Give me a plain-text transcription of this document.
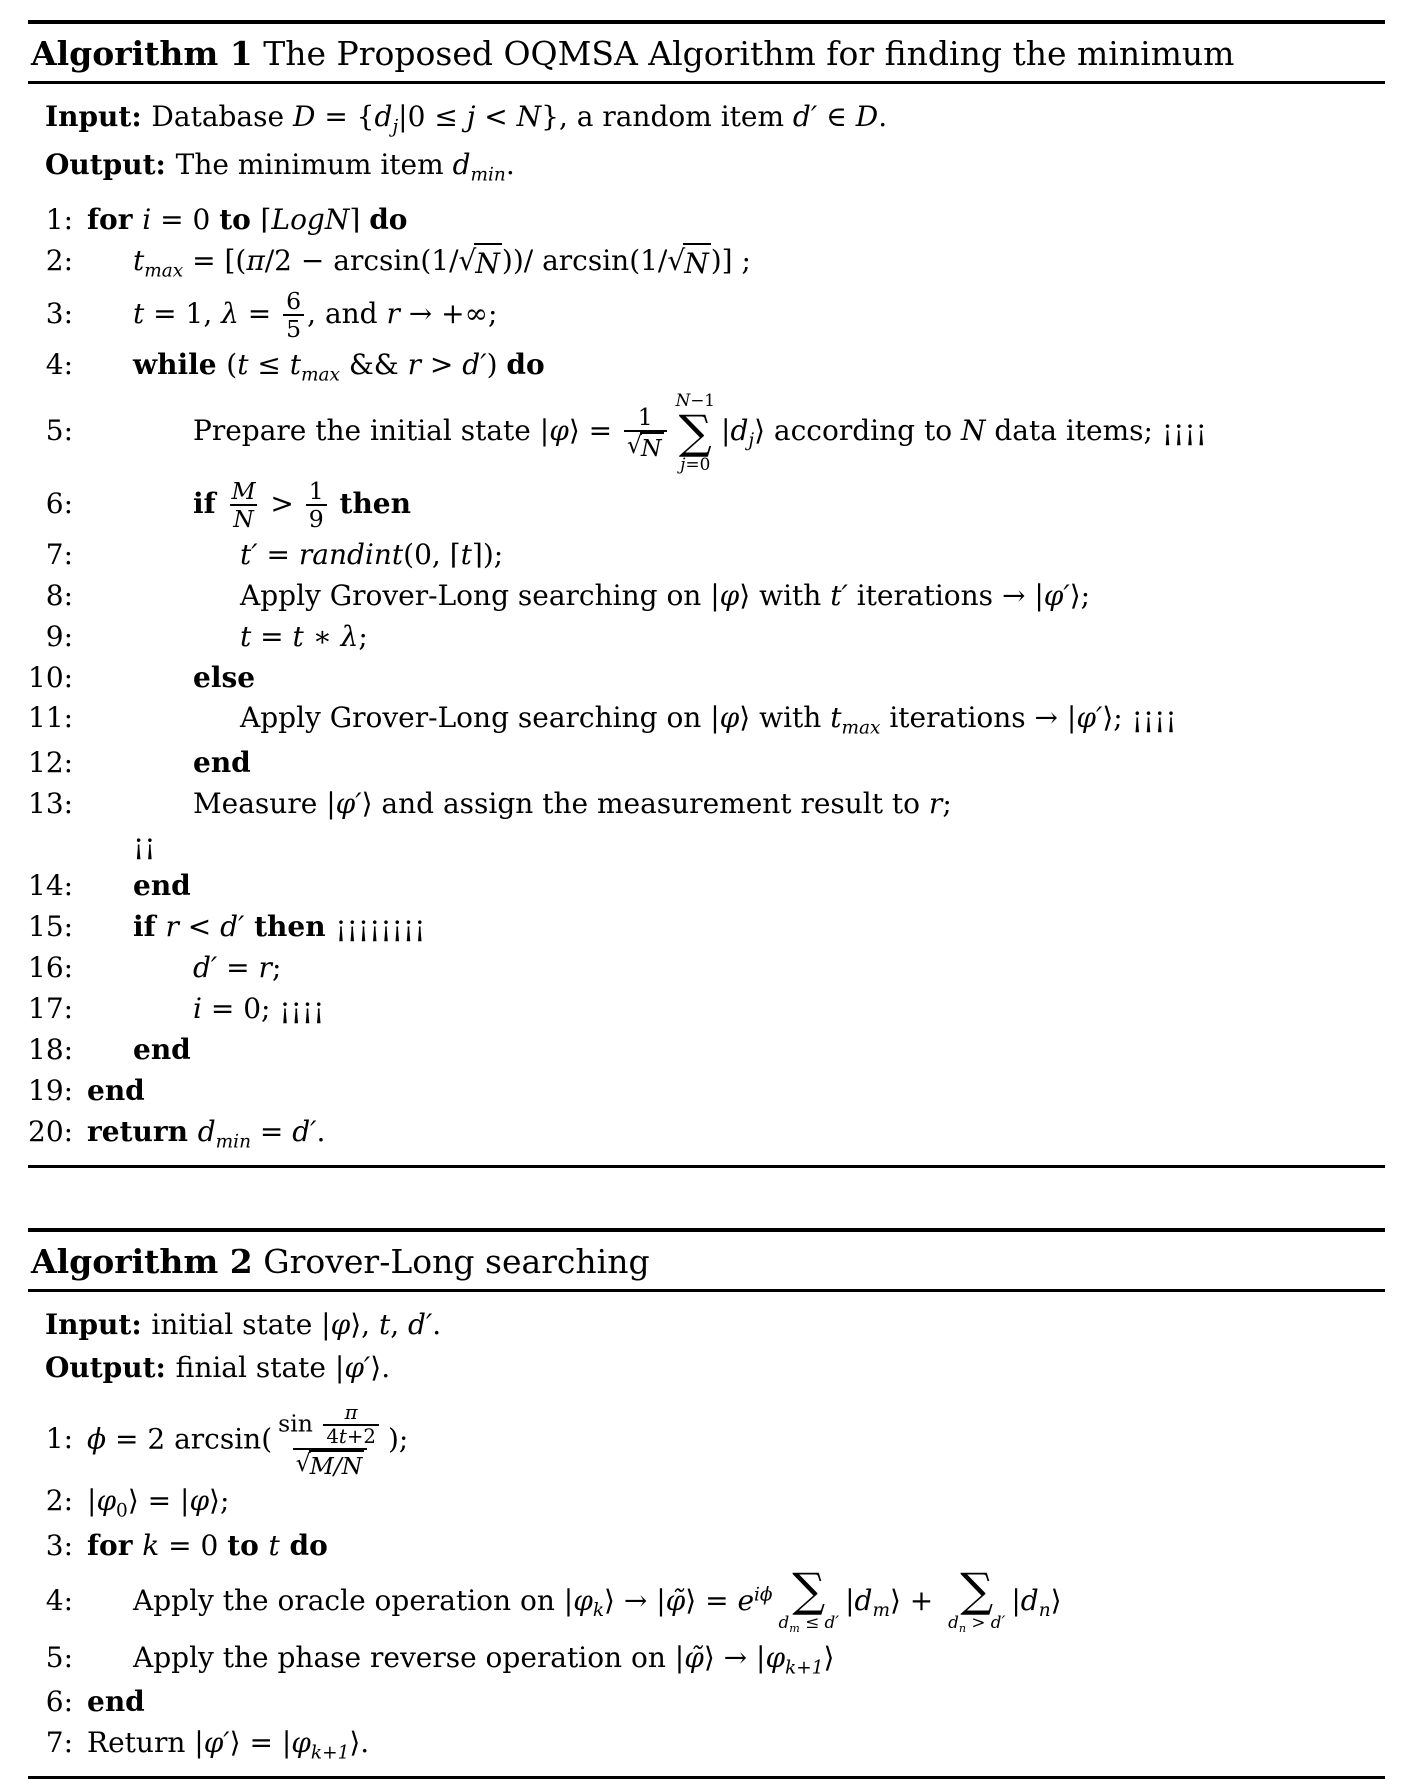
Algorithm 1 The Proposed OQMSA Algorithm for finding the minimum
Input: Database $D = \{d_j|0 \le j < N\}$, a random item d′ ∈ D.
Output: The minimum item $d_{min}$.
1: for i = 0 to ⌈LogN⌉ do
2:	$t_{max} = [(\pi/2 - \arcsin(1/$ √ N ))/ arcsin(1/ √ N )] ;
3:	t = 1, $\lambda = \frac{6}{5}$ , and r → +∞;
4:	while ($t \le t_{max}$ && r > d′) do
5:	Prepare the initial state |φ⟩ = $\frac{1}{√ N}$
N−1
∑
j=0
$|d_j⟩$ according to N data items; ¡¡¡¡
6:	if $\frac{M}{N} > \frac{1}{9}$ then
7:	t′ = randint(0, ⌈t⌉);
8:	Apply Grover-Long searching on |φ⟩ with t′ iterations → |φ′⟩;
9:	t = t ∗ λ;
10:	else
11:	Apply Grover-Long searching on |φ⟩ with $t_{max}$ iterations → |φ′⟩; ¡¡¡¡
12:	end
13:	Measure |φ′⟩ and assign the measurement result to r;
¡¡
14:	end
15:	if r < d′ then ¡¡¡¡¡¡¡¡
16:	d′ = r;
17:	i = 0; ¡¡¡¡
18:	end
19: end
20: return $d_{min} = d'$.
Algorithm 2 Grover-Long searching
Input: initial state |φ⟩, t, d′.
Output: finial state |φ′⟩.
1: ϕ = 2 $\arcsin( \frac{\sin \frac{\pi}{4t+2}}{√ M/N}$ );
2: $|\varphi_0⟩$ = |φ⟩;
3: for k = 0 to t do
4:	Apply the oracle operation on $|\varphi_k⟩$ → |φ̃⟩ = $e^{i\phi}$ ∑
$d_m \le d'$
$|d_m⟩$ + ∑
$d_n > d'$
$|d_n⟩$
5:	Apply the phase reverse operation on |φ̃⟩ → $|\varphi_{k+1}⟩$
6: end
7: Return |φ′⟩ = $|\varphi_{k+1}⟩$.
